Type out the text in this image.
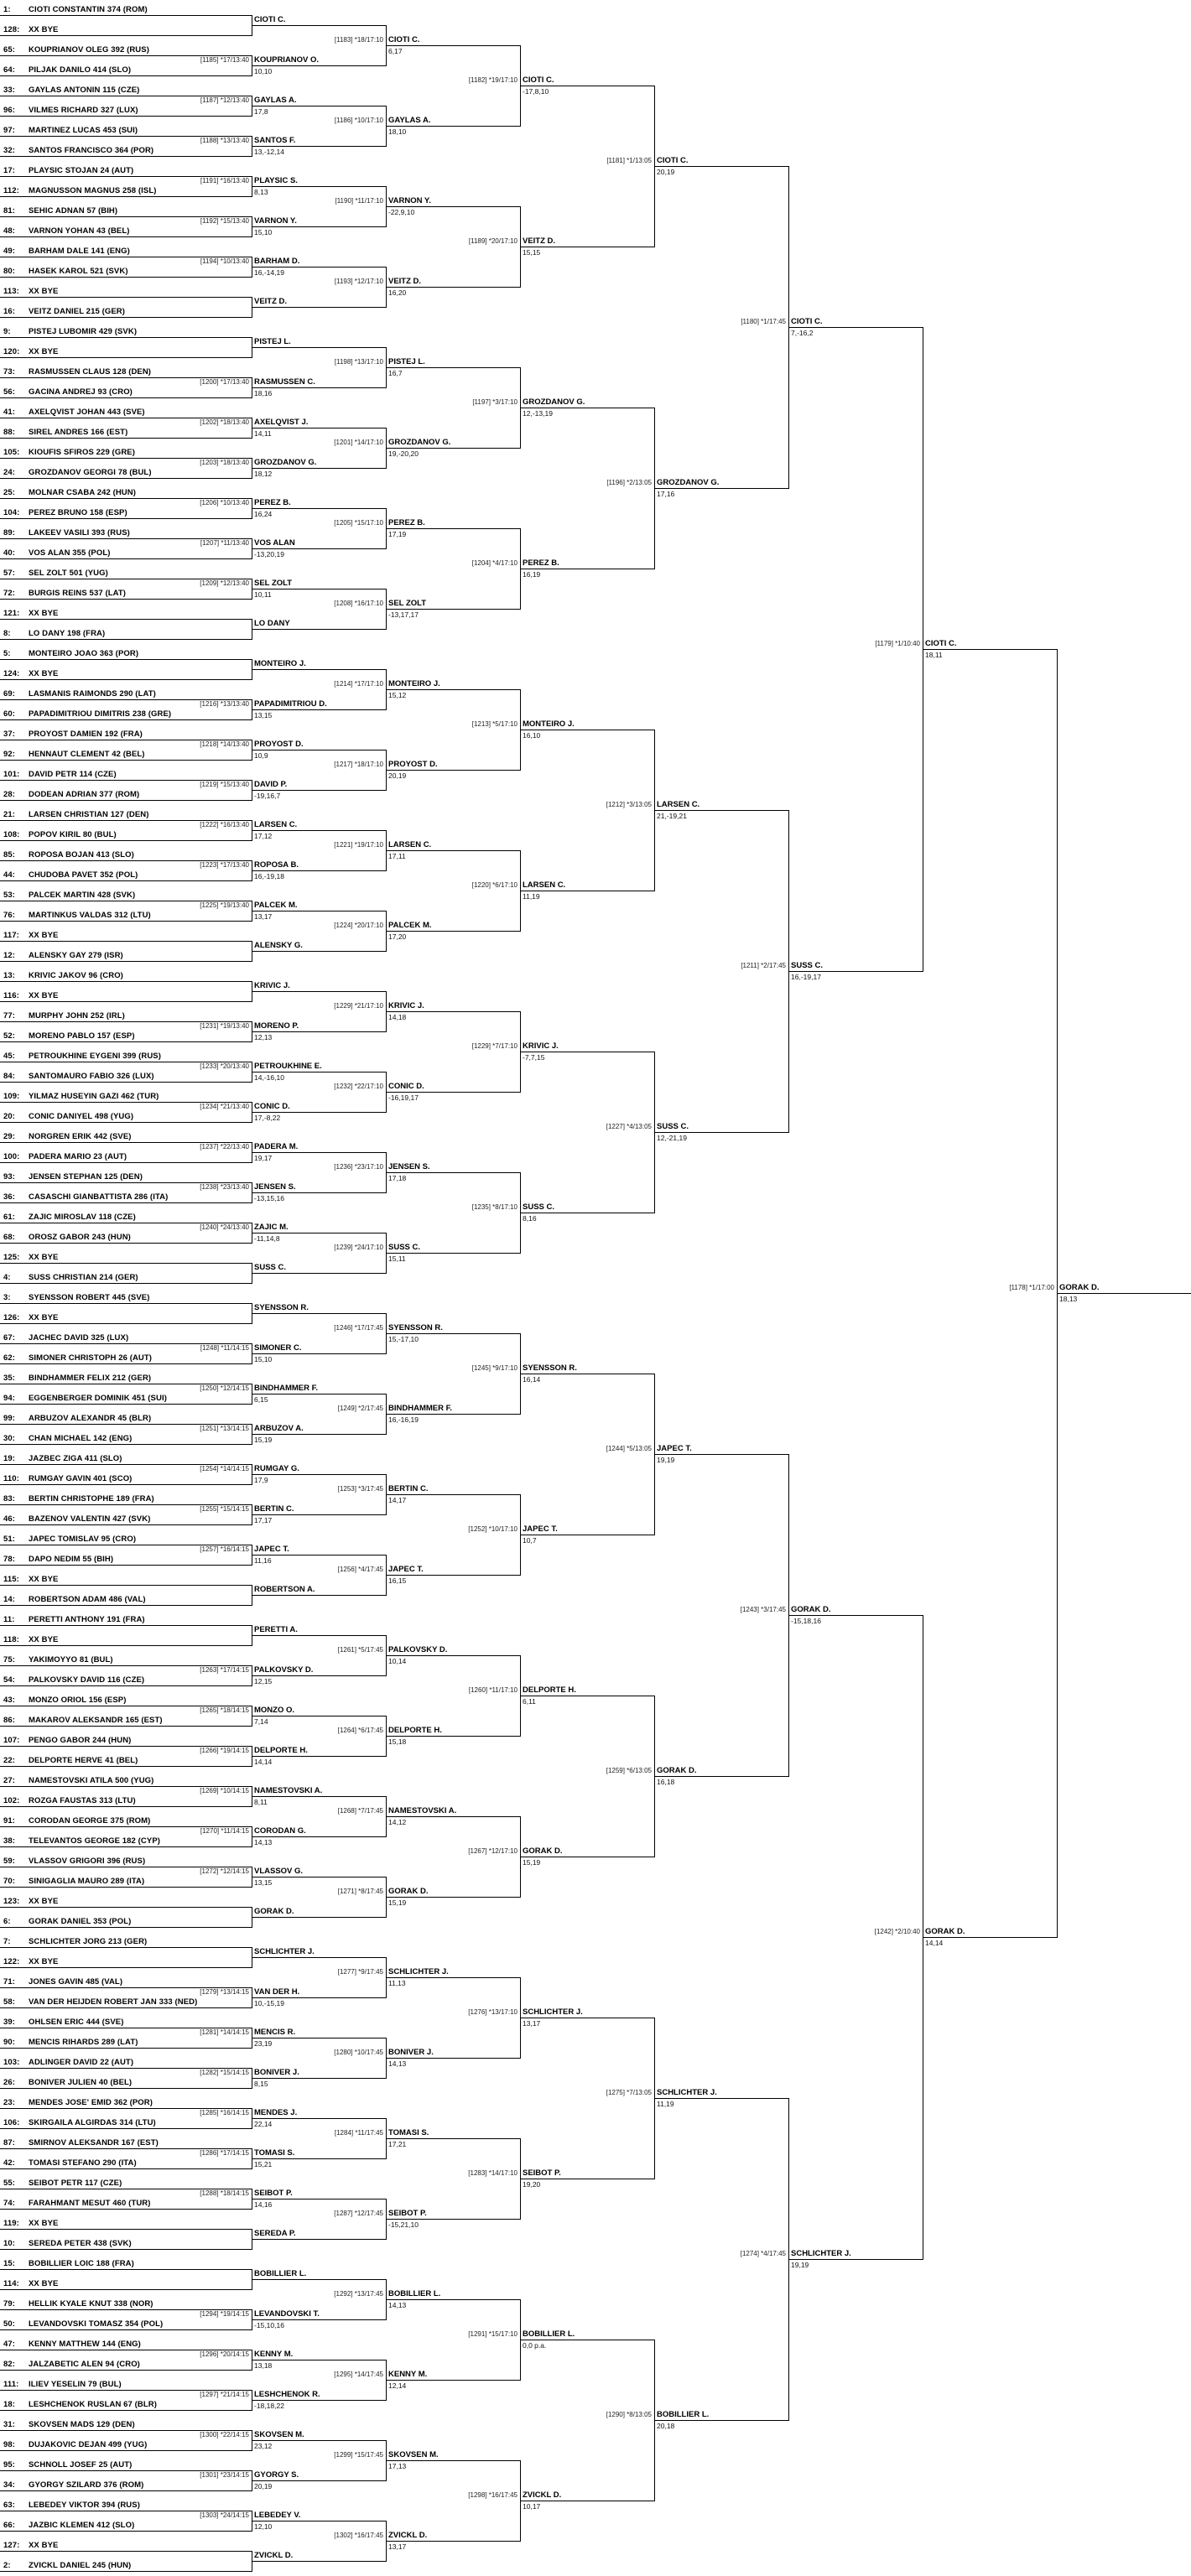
1: CIOTI CONSTANTIN 374 (ROM)
128: XX BYE
65: KOUPRIANOV OLEG 392 (RUS)
64: PILJAK DANILO 414 (SLO)
33: GAYLAS ANTONIN 115 (CZE)
96: VILMES RICHARD 327 (LUX)
97: MARTINEZ LUCAS 453 (SUI)
32: SANTOS FRANCISCO 364 (POR)
17: PLAYSIC STOJAN 24 (AUT)
112: MAGNUSSON MAGNUS 258 (ISL)
81: SEHIC ADNAN 57 (BIH)
48: VARNON YOHAN 43 (BEL)
49: BARHAM DALE 141 (ENG)
80: HASEK KAROL 521 (SVK)
113: XX BYE
16: VEITZ DANIEL 215 (GER)
9: PISTEJ LUBOMIR 429 (SVK)
120: XX BYE
73: RASMUSSEN CLAUS 128 (DEN)
56: GACINA ANDREJ 93 (CRO)
41: AXELQVIST JOHAN 443 (SVE)
88: SIREL ANDRES 166 (EST)
105: KIOUFIS SFIROS 229 (GRE)
24: GROZDANOV GEORGI 78 (BUL)
25: MOLNAR CSABA 242 (HUN)
104: PEREZ BRUNO 158 (ESP)
89: LAKEEV VASILI 393 (RUS)
40: VOS ALAN 355 (POL)
57: SEL ZOLT 501 (YUG)
72: BURGIS REINS 537 (LAT)
121: XX BYE
8: LO DANY 198 (FRA)
5: MONTEIRO JOAO 363 (POR)
124: XX BYE
69: LASMANIS RAIMONDS 290 (LAT)
60: PAPADIMITRIOU DIMITRIS 238 (GRE)
37: PROYOST DAMIEN 192 (FRA)
92: HENNAUT CLEMENT 42 (BEL)
101: DAVID PETR 114 (CZE)
28: DODEAN ADRIAN 377 (ROM)
21: LARSEN CHRISTIAN 127 (DEN)
108: POPOV KIRIL 80 (BUL)
85: ROPOSA BOJAN 413 (SLO)
44: CHUDOBA PAVET 352 (POL)
53: PALCEK MARTIN 428 (SVK)
76: MARTINKUS VALDAS 312 (LTU)
117: XX BYE
12: ALENSKY GAY 279 (ISR)
13: KRIVIC JAKOV 96 (CRO)
116: XX BYE
77: MURPHY JOHN 252 (IRL)
52: MORENO PABLO 157 (ESP)
45: PETROUKHINE EYGENI 399 (RUS)
84: SANTOMAURO FABIO 326 (LUX)
109: YILMAZ HUSEYIN GAZI 462 (TUR)
20: CONIC DANIYEL 498 (YUG)
29: NORGREN ERIK 442 (SVE)
100: PADERA MARIO 23 (AUT)
93: JENSEN STEPHAN 125 (DEN)
36: CASASCHI GIANBATTISTA 286 (ITA)
61: ZAJIC MIROSLAV 118 (CZE)
68: OROSZ GABOR 243 (HUN)
125: XX BYE
4: SUSS CHRISTIAN 214 (GER)
3: SYENSSON ROBERT 445 (SVE)
126: XX BYE
67: JACHEC DAVID 325 (LUX)
62: SIMONER CHRISTOPH 26 (AUT)
35: BINDHAMMER FELIX 212 (GER)
94: EGGENBERGER DOMINIK 451 (SUI)
99: ARBUZOV ALEXANDR 45 (BLR)
30: CHAN MICHAEL 142 (ENG)
19: JAZBEC ZIGA 411 (SLO)
110: RUMGAY GAVIN 401 (SCO)
83: BERTIN CHRISTOPHE 189 (FRA)
46: BAZENOV VALENTIN 427 (SVK)
51: JAPEC TOMISLAV 95 (CRO)
78: DAPO NEDIM 55 (BIH)
115: XX BYE
14: ROBERTSON ADAM 486 (VAL)
11: PERETTI ANTHONY 191 (FRA)
118: XX BYE
75: YAKIMOYYO 81 (BUL)
54: PALKOVSKY DAVID 116 (CZE)
43: MONZO ORIOL 156 (ESP)
86: MAKAROV ALEKSANDR 165 (EST)
107: PENGO GABOR 244 (HUN)
22: DELPORTE HERVE 41 (BEL)
27: NAMESTOVSKI ATILA 500 (YUG)
102: ROZGA FAUSTAS 313 (LTU)
91: CORODAN GEORGE 375 (ROM)
38: TELEVANTOS GEORGE 182 (CYP)
59: VLASSOV GRIGORI 396 (RUS)
70: SINIGAGLIA MAURO 289 (ITA)
123: XX BYE
6: GORAK DANIEL 353 (POL)
7: SCHLICHTER JORG 213 (GER)
122: XX BYE
71: JONES GAVIN 485 (VAL)
58: VAN DER HEIJDEN ROBERT JAN 333 (NED)
39: OHLSEN ERIC 444 (SVE)
90: MENCIS RIHARDS 289 (LAT)
103: ADLINGER DAVID 22 (AUT)
26: BONIVER JULIEN 40 (BEL)
23: MENDES JOSE' EMID 362 (POR)
106: SKIRGAILA ALGIRDAS 314 (LTU)
87: SMIRNOV ALEKSANDR 167 (EST)
42: TOMASI STEFANO 290 (ITA)
55: SEIBOT PETR 117 (CZE)
74: FARAHMANT MESUT 460 (TUR)
119: XX BYE
10: SEREDA PETER 438 (SVK)
15: BOBILLIER LOIC 188 (FRA)
114: XX BYE
79: HELLIK KYALE KNUT 338 (NOR)
50: LEVANDOVSKI TOMASZ 354 (POL)
47: KENNY MATTHEW 144 (ENG)
82: JALZABETIC ALEN 94 (CRO)
111: ILIEV YESELIN 79 (BUL)
18: LESHCHENOK RUSLAN 67 (BLR)
31: SKOVSEN MADS 129 (DEN)
98: DUJAKOVIC DEJAN 499 (YUG)
95: SCHNOLL JOSEF 25 (AUT)
34: GYORGY SZILARD 376 (ROM)
63: LEBEDEY VIKTOR 394 (RUS)
66: JAZBIC KLEMEN 412 (SLO)
127: XX BYE
2: ZVICKL DANIEL 245 (HUN)
CIOTI C.
KOUPRIANOV O.
10,10
[1185] *17/13:40
GAYLAS A.
17,8
[1187] *12/13:40
SANTOS F.
13,-12,14
[1188] *13/13:40
PLAYSIC S.
8,13
[1191] *16/13:40
VARNON Y.
15,10
[1192] *15/13:40
BARHAM D.
16,-14,19
[1194] *10/13:40
VEITZ D.
PISTEJ L.
RASMUSSEN C.
18,16
[1200] *17/13:40
AXELQVIST J.
14,11
[1202] *18/13:40
GROZDANOV G.
18,12
[1203] *18/13:40
PEREZ B.
16,24
[1206] *10/13:40
VOS ALAN
-13,20,19
[1207] *11/13:40
SEL ZOLT
10,11
[1209] *12/13:40
LO DANY
MONTEIRO J.
PAPADIMITRIOU D.
13,15
[1216] *13/13:40
PROYOST D.
10,9
[1218] *14/13:40
DAVID P.
-19,16,7
[1219] *15/13:40
LARSEN C.
17,12
[1222] *16/13:40
ROPOSA B.
16,-19,18
[1223] *17/13:40
PALCEK M.
13,17
[1225] *19/13:40
ALENSKY G.
KRIVIC J.
MORENO P.
12,13
[1231] *19/13:40
PETROUKHINE E.
14,-16,10
[1233] *20/13:40
CONIC D.
17,-8,22
[1234] *21/13:40
PADERA M.
19,17
[1237] *22/13:40
JENSEN S.
-13,15,16
[1238] *23/13:40
ZAJIC M.
-11,14,8
[1240] *24/13:40
SUSS C.
SYENSSON R.
SIMONER C.
15,10
[1248] *11/14:15
BINDHAMMER F.
6,15
[1250] *12/14:15
ARBUZOV A.
15,19
[1251] *13/14:15
RUMGAY G.
17,9
[1254] *14/14:15
BERTIN C.
17,17
[1255] *15/14:15
JAPEC T.
11,16
[1257] *16/14:15
ROBERTSON A.
PERETTI A.
PALKOVSKY D.
12,15
[1263] *17/14:15
MONZO O.
7,14
[1265] *18/14:15
DELPORTE H.
14,14
[1266] *19/14:15
NAMESTOVSKI A.
8,11
[1269] *10/14:15
CORODAN G.
14,13
[1270] *11/14:15
VLASSOV G.
13,15
[1272] *12/14:15
GORAK D.
SCHLICHTER J.
VAN DER H.
10,-15,19
[1279] *13/14:15
MENCIS R.
23,19
[1281] *14/14:15
BONIVER J.
8,15
[1282] *15/14:15
MENDES J.
22,14
[1285] *16/14:15
TOMASI S.
15,21
[1286] *17/14:15
SEIBOT P.
14,16
[1288] *18/14:15
SEREDA P.
BOBILLIER L.
LEVANDOVSKI T.
-15,10,16
[1294] *19/14:15
KENNY M.
13,18
[1296] *20/14:15
LESHCHENOK R.
-18,18,22
[1297] *21/14:15
SKOVSEN M.
23,12
[1300] *22/14:15
GYORGY S.
20,19
[1301] *23/14:15
LEBEDEY V.
12,10
[1303] *24/14:15
ZVICKL D.
CIOTI C.
6,17
[1183] *18/17:10
GAYLAS A.
18,10
[1186] *10/17:10
VARNON Y.
-22,9,10
[1190] *11/17:10
VEITZ D.
16,20
[1193] *12/17:10
PISTEJ L.
16,7
[1198] *13/17:10
GROZDANOV G.
19,-20,20
[1201] *14/17:10
PEREZ B.
17,19
[1205] *15/17:10
SEL ZOLT
-13,17,17
[1208] *16/17:10
MONTEIRO J.
15,12
[1214] *17/17:10
PROYOST D.
20,19
[1217] *18/17:10
LARSEN C.
17,11
[1221] *19/17:10
PALCEK M.
17,20
[1224] *20/17:10
KRIVIC J.
14,18
[1229] *21/17:10
CONIC D.
-16,19,17
[1232] *22/17:10
JENSEN S.
17,18
[1236] *23/17:10
SUSS C.
15,11
[1239] *24/17:10
SYENSSON R.
15,-17,10
[1246] *17/17:45
BINDHAMMER F.
16,-16,19
[1249] *2/17:45
BERTIN C.
14,17
[1253] *3/17:45
JAPEC T.
16,15
[1256] *4/17:45
PALKOVSKY D.
10,14
[1261] *5/17:45
DELPORTE H.
15,18
[1264] *6/17:45
NAMESTOVSKI A.
14,12
[1268] *7/17:45
GORAK D.
15,19
[1271] *8/17:45
SCHLICHTER J.
11,13
[1277] *9/17:45
BONIVER J.
14,13
[1280] *10/17:45
TOMASI S.
17,21
[1284] *11/17:45
SEIBOT P.
-15,21,10
[1287] *12/17:45
BOBILLIER L.
14,13
[1292] *13/17:45
KENNY M.
12,14
[1295] *14/17:45
SKOVSEN M.
17,13
[1299] *15/17:45
ZVICKL D.
13,17
[1302] *16/17:45
CIOTI C.
-17,8,10
[1182] *19/17:10
VEITZ D.
15,15
[1189] *20/17:10
GROZDANOV G.
12,-13,19
[1197] *3/17:10
PEREZ B.
16,19
[1204] *4/17:10
MONTEIRO J.
16,10
[1213] *5/17:10
LARSEN C.
11,19
[1220] *6/17:10
KRIVIC J.
-7,7,15
[1229] *7/17:10
SUSS C.
8,16
[1235] *8/17:10
SYENSSON R.
16,14
[1245] *9/17:10
JAPEC T.
10,7
[1252] *10/17:10
DELPORTE H.
6,11
[1260] *11/17:10
GORAK D.
15,19
[1267] *12/17:10
SCHLICHTER J.
13,17
[1276] *13/17:10
SEIBOT P.
19,20
[1283] *14/17:10
BOBILLIER L.
0,0 p.a.
[1291] *15/17:10
ZVICKL D.
10,17
[1298] *16/17:45
CIOTI C.
20,19
[1181] *1/13:05
GROZDANOV G.
17,16
[1196] *2/13:05
LARSEN C.
21,-19,21
[1212] *3/13:05
SUSS C.
12,-21,19
[1227] *4/13:05
JAPEC T.
19,19
[1244] *5/13:05
GORAK D.
16,18
[1259] *6/13:05
SCHLICHTER J.
11,19
[1275] *7/13:05
BOBILLIER L.
20,18
[1290] *8/13:05
CIOTI C.
7,-16,2
[1180] *1/17:45
SUSS C.
16,-19,17
[1211] *2/17:45
GORAK D.
-15,18,16
[1243] *3/17:45
SCHLICHTER J.
[1274] *4/17:45
CIOTI C.
18,11
[1179] *1/10:40
GORAK D.
14,14
[1242] *2/10:40
GORAK D.
18,13
[1178] *1/17:00
19,19
